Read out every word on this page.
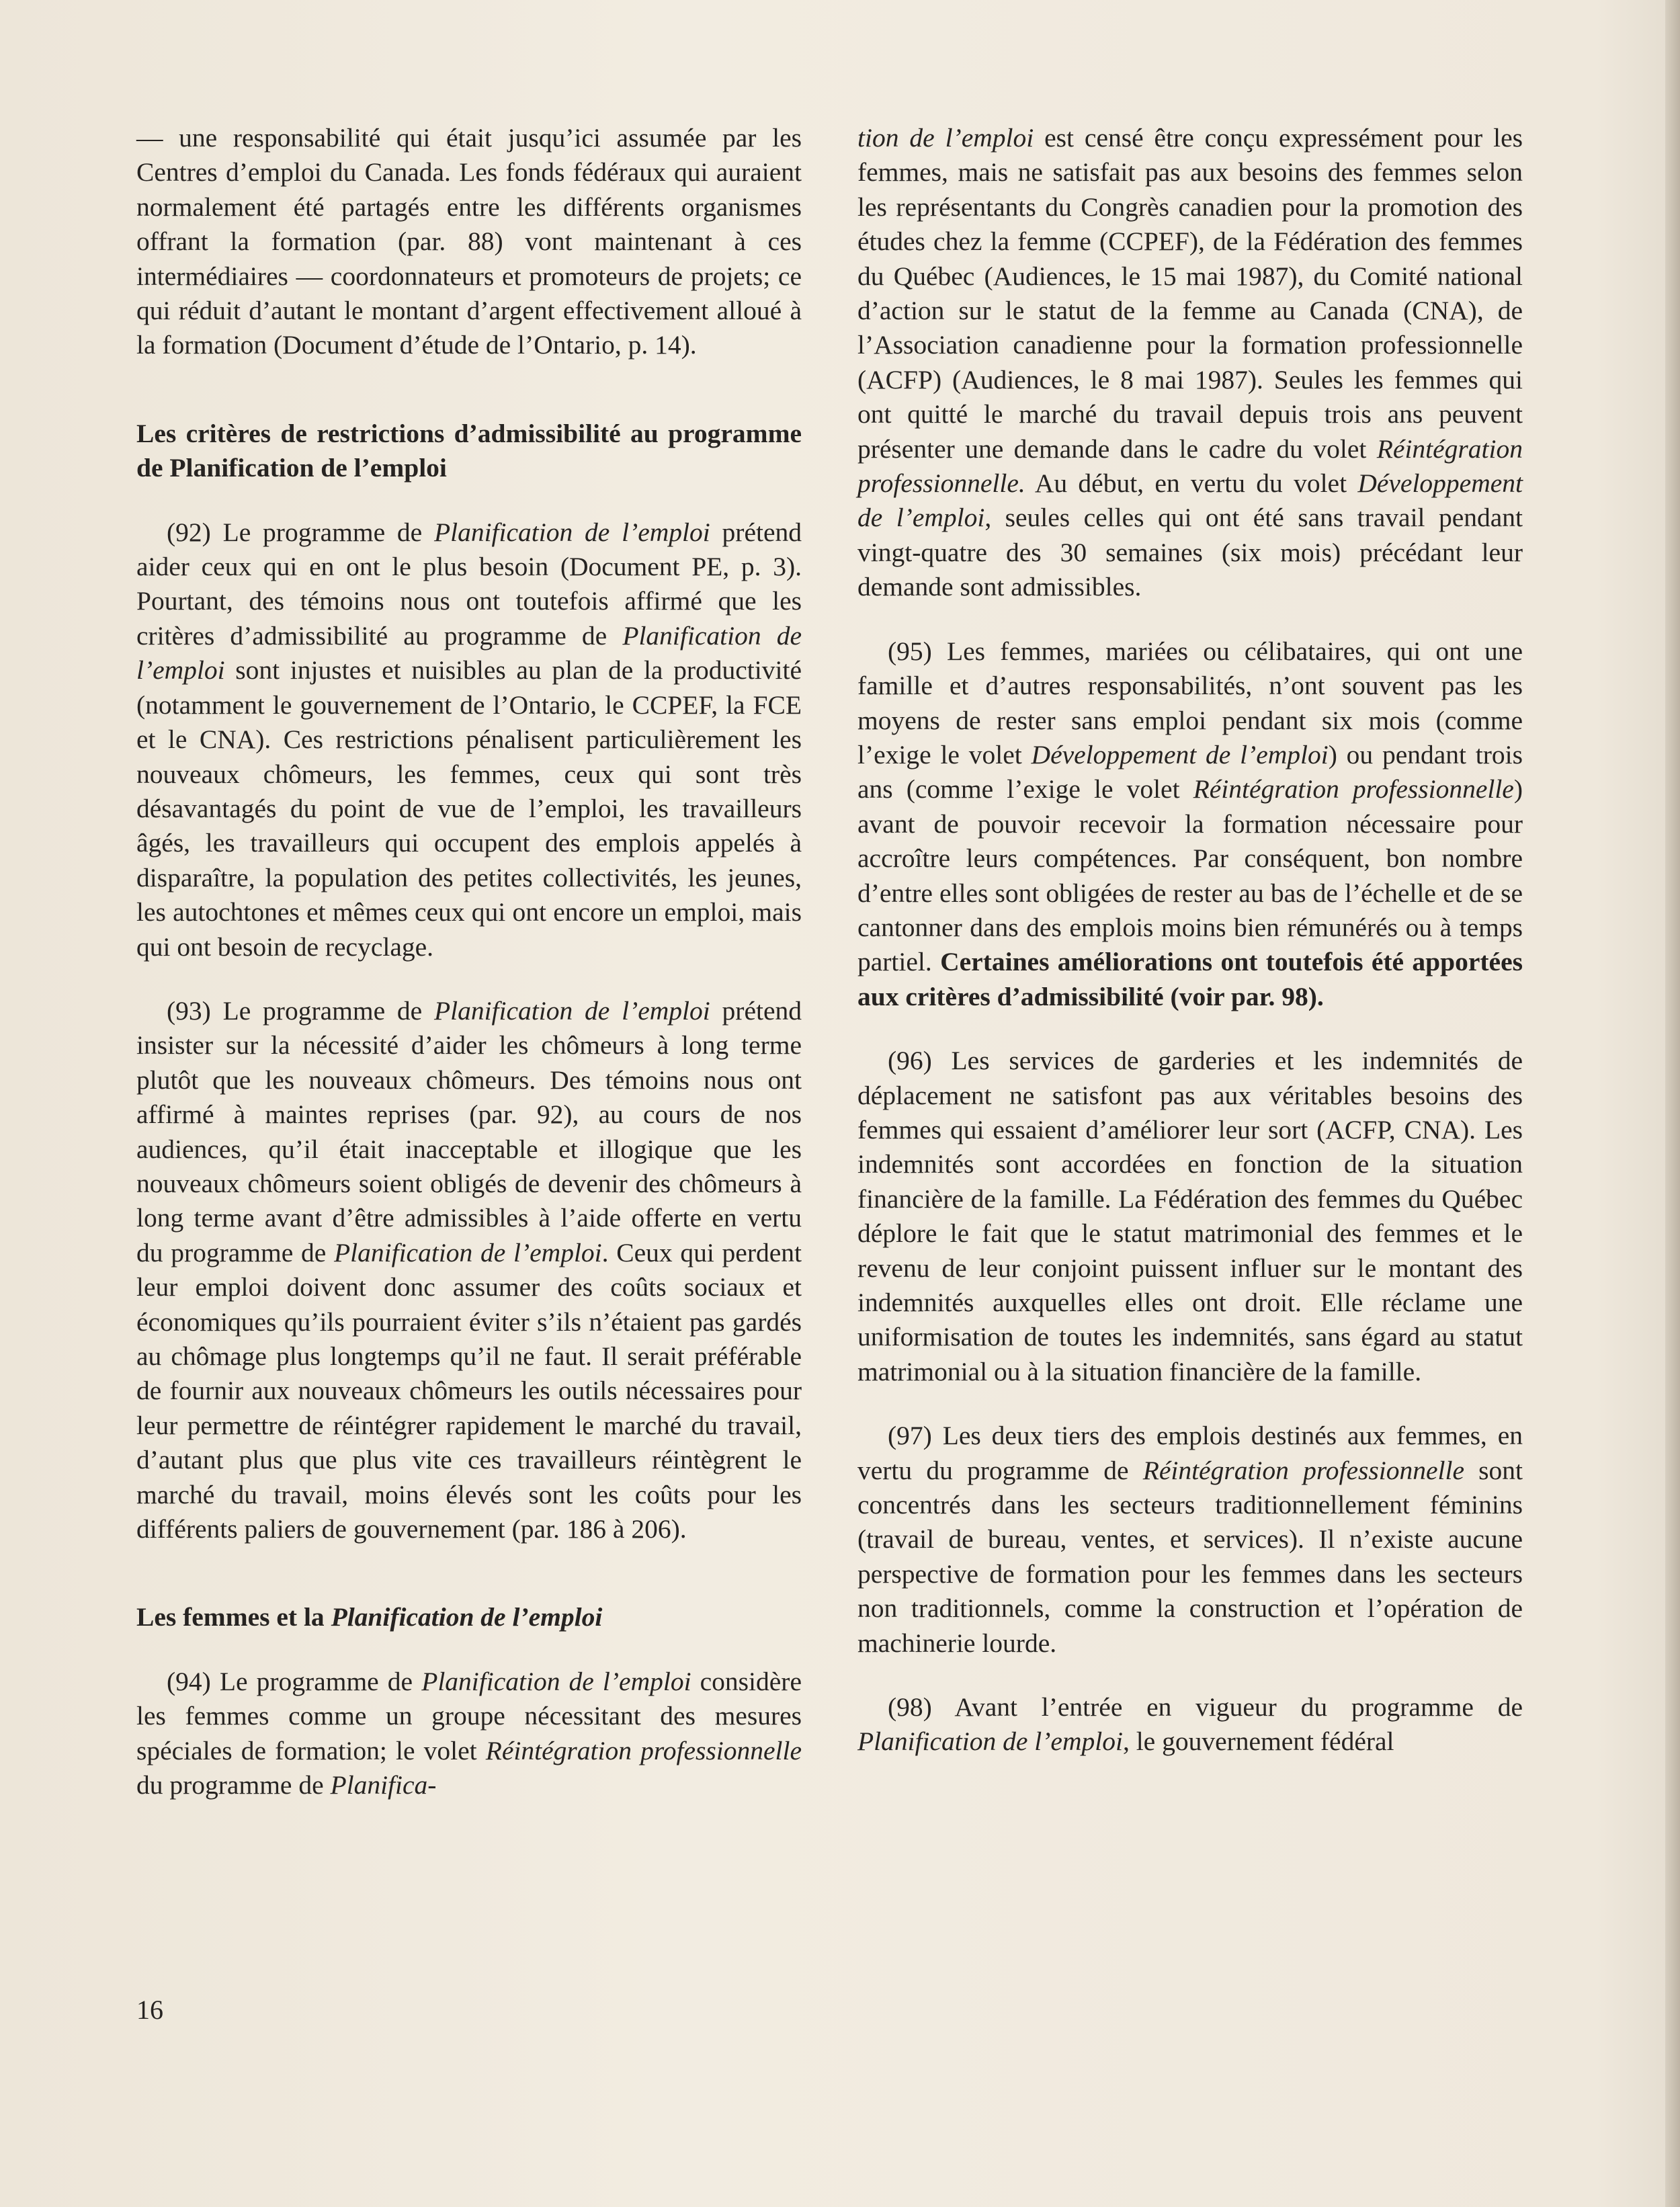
— une responsabilité qui était jusqu’ici assumée par les Centres d’emploi du Canada. Les fonds fédéraux qui auraient normalement été partagés entre les différents organismes offrant la formation (par. 88) vont maintenant à ces intermédiaires — coordonnateurs et promoteurs de projets; ce qui réduit d’autant le montant d’argent effectivement alloué à la formation (Document d’étude de l’Ontario, p. 14).

Les critères de restrictions d’admissibilité au programme de Planification de l’emploi

(92) Le programme de Planification de l’emploi prétend aider ceux qui en ont le plus besoin (Document PE, p. 3). Pourtant, des témoins nous ont toutefois affirmé que les critères d’admissibilité au programme de Planification de l’emploi sont injustes et nuisibles au plan de la productivité (notamment le gouvernement de l’Ontario, le CCPEF, la FCE et le CNA). Ces restrictions pénalisent particulièrement les nouveaux chômeurs, les femmes, ceux qui sont très désavantagés du point de vue de l’emploi, les travailleurs âgés, les travailleurs qui occupent des emplois appelés à disparaître, la population des petites collectivités, les jeunes, les autochtones et mêmes ceux qui ont encore un emploi, mais qui ont besoin de recyclage.

(93) Le programme de Planification de l’emploi prétend insister sur la nécessité d’aider les chômeurs à long terme plutôt que les nouveaux chômeurs. Des témoins nous ont affirmé à maintes reprises (par. 92), au cours de nos audiences, qu’il était inacceptable et illogique que les nouveaux chômeurs soient obligés de devenir des chômeurs à long terme avant d’être admissibles à l’aide offerte en vertu du programme de Planification de l’emploi. Ceux qui perdent leur emploi doivent donc assumer des coûts sociaux et économiques qu’ils pourraient éviter s’ils n’étaient pas gardés au chômage plus longtemps qu’il ne faut. Il serait préférable de fournir aux nouveaux chômeurs les outils nécessaires pour leur permettre de réintégrer rapidement le marché du travail, d’autant plus que plus vite ces travailleurs réintègrent le marché du travail, moins élevés sont les coûts pour les différents paliers de gouvernement (par. 186 à 206).

Les femmes et la Planification de l’emploi

(94) Le programme de Planification de l’emploi considère les femmes comme un groupe nécessitant des mesures spéciales de formation; le volet Réintégration professionnelle du programme de Planifica-

tion de l’emploi est censé être conçu expressément pour les femmes, mais ne satisfait pas aux besoins des femmes selon les représentants du Congrès canadien pour la promotion des études chez la femme (CCPEF), de la Fédération des femmes du Québec (Audiences, le 15 mai 1987), du Comité national d’action sur le statut de la femme au Canada (CNA), de l’Association canadienne pour la formation professionnelle (ACFP) (Audiences, le 8 mai 1987). Seules les femmes qui ont quitté le marché du travail depuis trois ans peuvent présenter une demande dans le cadre du volet Réintégration professionnelle. Au début, en vertu du volet Développement de l’emploi, seules celles qui ont été sans travail pendant vingt-quatre des 30 semaines (six mois) précédant leur demande sont admissibles.

(95) Les femmes, mariées ou célibataires, qui ont une famille et d’autres responsabilités, n’ont souvent pas les moyens de rester sans emploi pendant six mois (comme l’exige le volet Développement de l’emploi) ou pendant trois ans (comme l’exige le volet Réintégration professionnelle) avant de pouvoir recevoir la formation nécessaire pour accroître leurs compétences. Par conséquent, bon nombre d’entre elles sont obligées de rester au bas de l’échelle et de se cantonner dans des emplois moins bien rémunérés ou à temps partiel. Certaines améliorations ont toutefois été apportées aux critères d’admissibilité (voir par. 98).

(96) Les services de garderies et les indemnités de déplacement ne satisfont pas aux véritables besoins des femmes qui essaient d’améliorer leur sort (ACFP, CNA). Les indemnités sont accordées en fonction de la situation financière de la famille. La Fédération des femmes du Québec déplore le fait que le statut matrimonial des femmes et le revenu de leur conjoint puissent influer sur le montant des indemnités auxquelles elles ont droit. Elle réclame une uniformisation de toutes les indemnités, sans égard au statut matrimonial ou à la situation financière de la famille.

(97) Les deux tiers des emplois destinés aux femmes, en vertu du programme de Réintégration professionnelle sont concentrés dans les secteurs traditionnellement féminins (travail de bureau, ventes, et services). Il n’existe aucune perspective de formation pour les femmes dans les secteurs non traditionnels, comme la construction et l’opération de machinerie lourde.

(98) Avant l’entrée en vigueur du programme de Planification de l’emploi, le gouvernement fédéral

16
